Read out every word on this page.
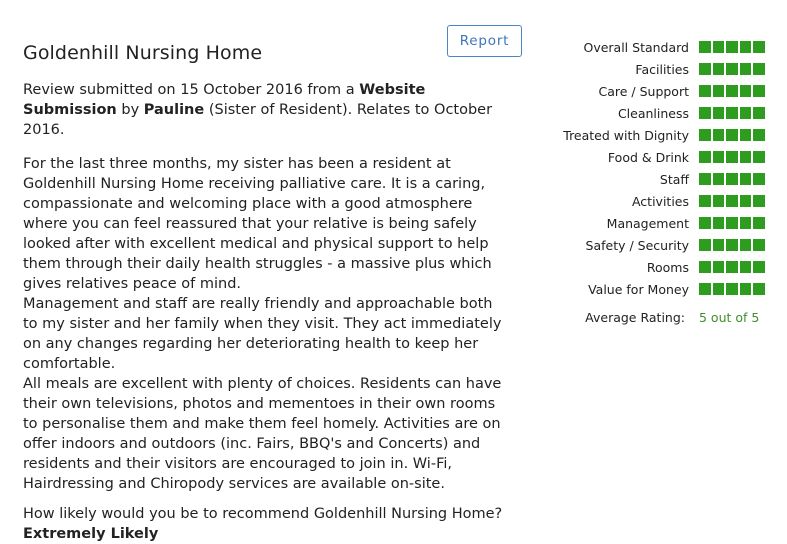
Goldenhill Nursing Home
Review submitted on 15 October 2016 from a Website Submission by Pauline (Sister of Resident). Relates to October 2016.

For the last three months, my sister has been a resident at Goldenhill Nursing Home receiving palliative care. It is a caring, compassionate and welcoming place with a good atmosphere where you can feel reassured that your relative is being safely looked after with excellent medical and physical support to help them through their daily health struggles - a massive plus which gives relatives peace of mind.

Management and staff are really friendly and approachable both to my sister and her family when they visit. They act immediately on any changes regarding her deteriorating health to keep her comfortable.

All meals are excellent with plenty of choices. Residents can have their own televisions, photos and mementoes in their own rooms to personalise them and make them feel homely. Activities are on offer indoors and outdoors (inc. Fairs, BBQ's and Concerts) and residents and their visitors are encouraged to join in. Wi-Fi, Hairdressing and Chiropody services are available on-site.

How likely would you be to recommend Goldenhill Nursing Home?
Extremely Likely
Report	Overall Standard
Facilities
Care / Support
Cleanliness
Treated with Dignity
Food & Drink
Staff
Activities
Management
Safety / Security
Rooms
Value for Money
Average Rating: 5 out of 5
